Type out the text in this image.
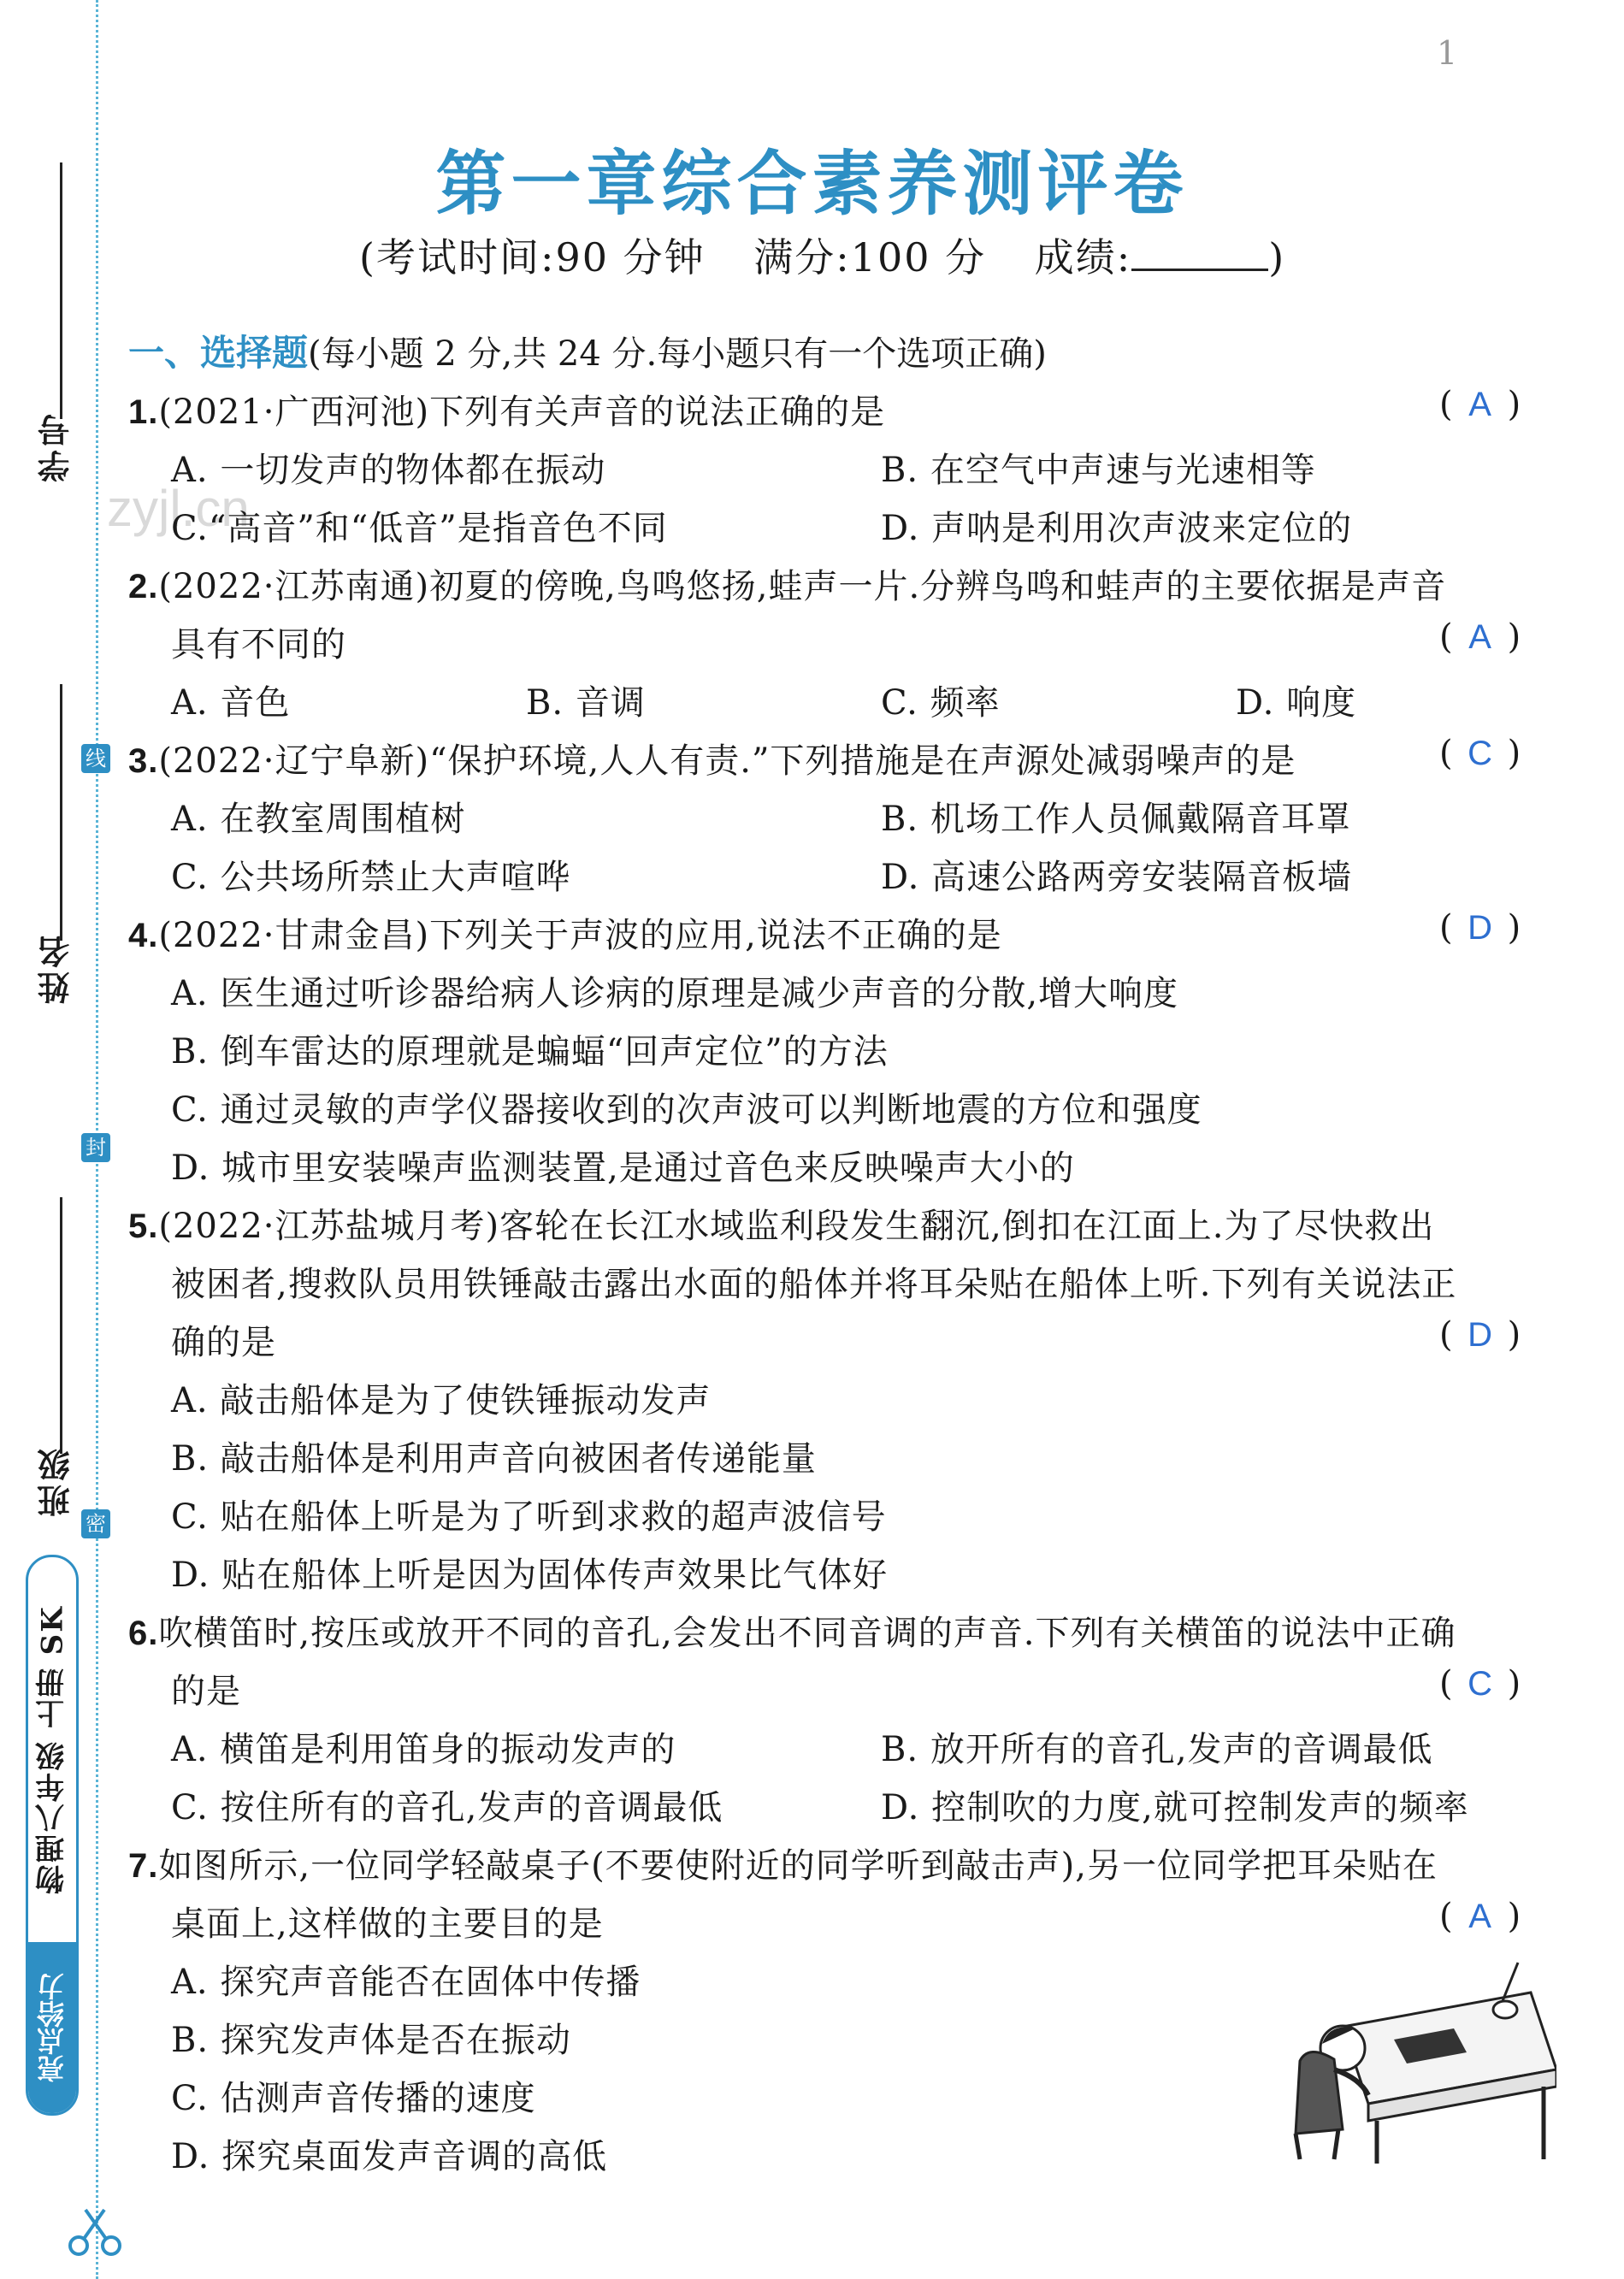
1
学号
姓名
班级
线
封
密
物理八年级 上册 SK
亮点给力
zyjl.cn
第一章综合素养测评卷
(考试时间:90 分钟 满分:100 分 成绩:	)
一、选择题(每小题 2 分,共 24 分.每小题只有一个选项正确)
1.(2021·广西河池)下列有关声音的说法正确的是	( A )
A. 一切发声的物体都在振动	B. 在空气中声速与光速相等
C.“高音”和“低音”是指音色不同	D. 声呐是利用次声波来定位的
2.(2022·江苏南通)初夏的傍晚,鸟鸣悠扬,蛙声一片.分辨鸟鸣和蛙声的主要依据是声音
具有不同的	( A )
A. 音色	B. 音调	C. 频率	D. 响度
3.(2022·辽宁阜新)“保护环境,人人有责.”下列措施是在声源处减弱噪声的是	( C )
A. 在教室周围植树	B. 机场工作人员佩戴隔音耳罩
C. 公共场所禁止大声喧哗	D. 高速公路两旁安装隔音板墙
4.(2022·甘肃金昌)下列关于声波的应用,说法不正确的是	( D )
A. 医生通过听诊器给病人诊病的原理是减少声音的分散,增大响度
B. 倒车雷达的原理就是蝙蝠“回声定位”的方法
C. 通过灵敏的声学仪器接收到的次声波可以判断地震的方位和强度
D. 城市里安装噪声监测装置,是通过音色来反映噪声大小的
5.(2022·江苏盐城月考)客轮在长江水域监利段发生翻沉,倒扣在江面上.为了尽快救出
被困者,搜救队员用铁锤敲击露出水面的船体并将耳朵贴在船体上听.下列有关说法正
确的是	( D )
A. 敲击船体是为了使铁锤振动发声
B. 敲击船体是利用声音向被困者传递能量
C. 贴在船体上听是为了听到求救的超声波信号
D. 贴在船体上听是因为固体传声效果比气体好
6.吹横笛时,按压或放开不同的音孔,会发出不同音调的声音.下列有关横笛的说法中正确
的是	( C )
A. 横笛是利用笛身的振动发声的	B. 放开所有的音孔,发声的音调最低
C. 按住所有的音孔,发声的音调最低	D. 控制吹的力度,就可控制发声的频率
7.如图所示,一位同学轻敲桌子(不要使附近的同学听到敲击声),另一位同学把耳朵贴在
桌面上,这样做的主要目的是	( A )
A. 探究声音能否在固体中传播
B. 探究发声体是否在振动
C. 估测声音传播的速度
D. 探究桌面发声音调的高低
